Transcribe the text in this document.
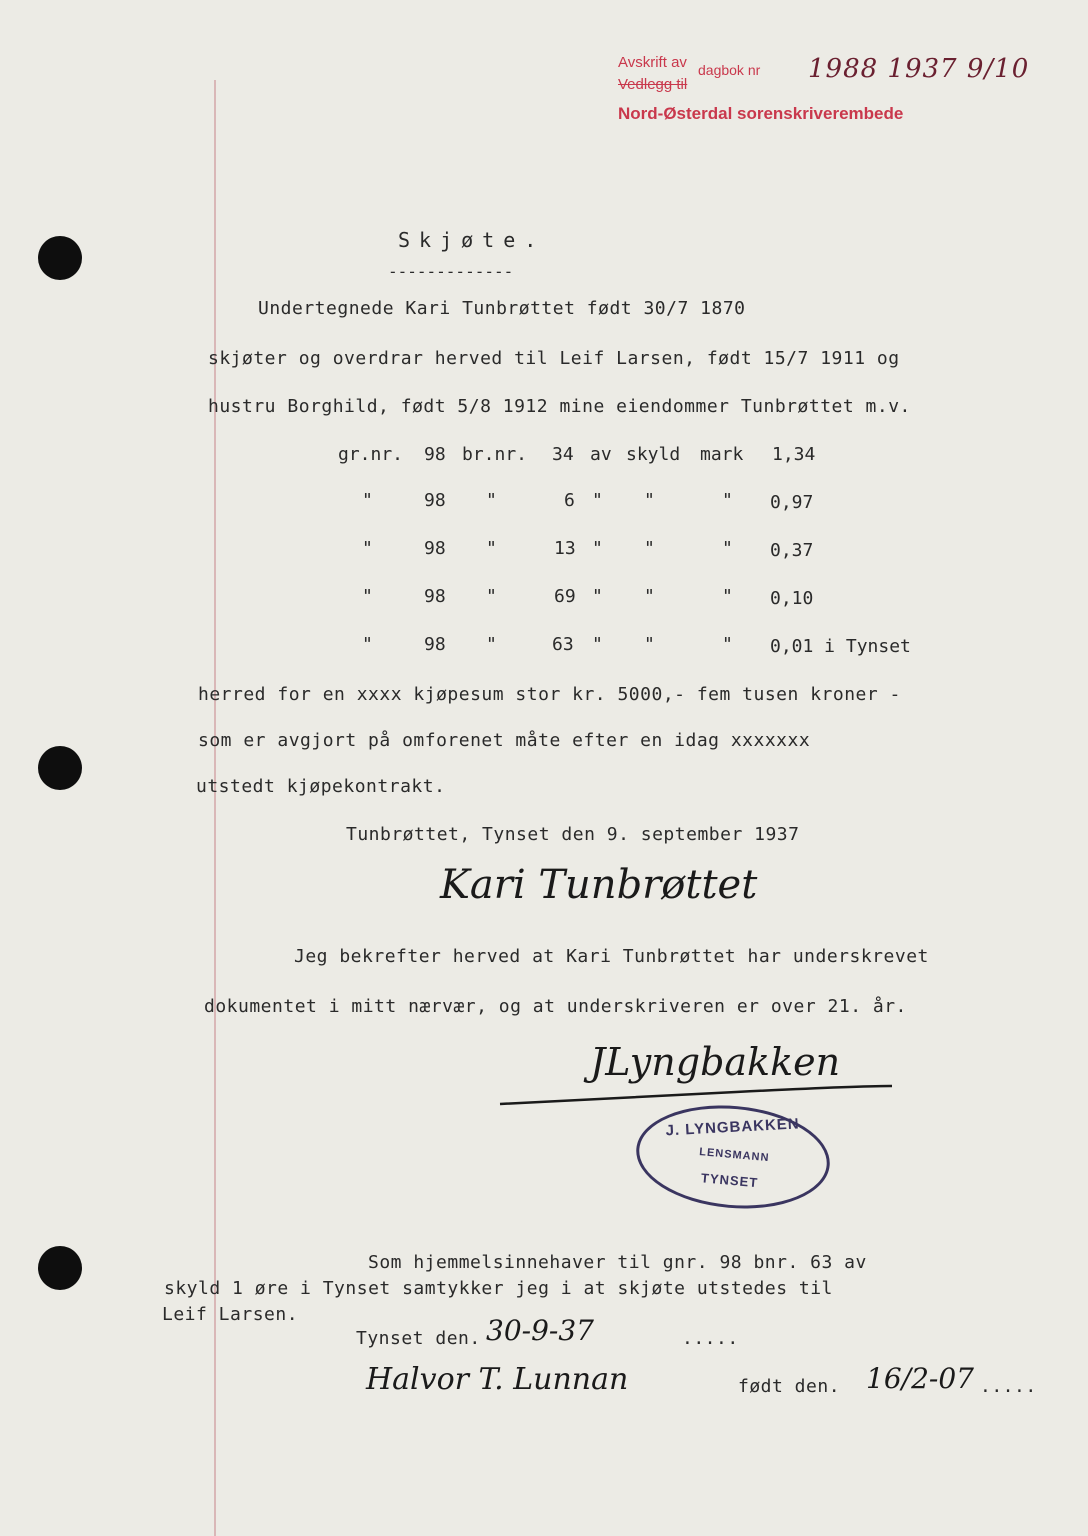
Avskrift av
Vedlegg til
dagbok nr 1988 1937 9/10
Nord-Østerdal sorenskriverembede
Skjøte.
-------------
Undertegnede Kari Tunbrøttet født 30/7 1870
skjøter og overdrar herved til Leif Larsen, født 15/7 1911 og
hustru Borghild, født 5/8 1912 mine eiendommer Tunbrøttet m.v.
gr.nr. 98 br.nr. 34 av skyld mark 1,34
"	98 "	6 " "	" 0,97
"	98 "	13 " "	" 0,37
"	98 "	69 " "	" 0,10
"	98 "	63 " "	" 0,01 i Tynset
herred for en xxxx kjøpesum stor kr. 5000,- fem tusen kroner -
som er avgjort på omforenet måte efter en idag xxxxxxx
utstedt kjøpekontrakt.
Tunbrøttet, Tynset den 9. september 1937
Kari Tunbrøttet
Jeg bekrefter herved at Kari Tunbrøttet har underskrevet
dokumentet i mitt nærvær, og at underskriveren er over 21. år.
JLyngbakken
J. LYNGBAKKEN
LENSMANN
TYNSET
Som hjemmelsinnehaver til gnr. 98 bnr. 63 av
skyld 1 øre i Tynset samtykker jeg i at skjøte utstedes til
Leif Larsen.
Tynset den. 30-9-37	.....
Halvor T. Lunnan	født den. 16/2-07 .....
